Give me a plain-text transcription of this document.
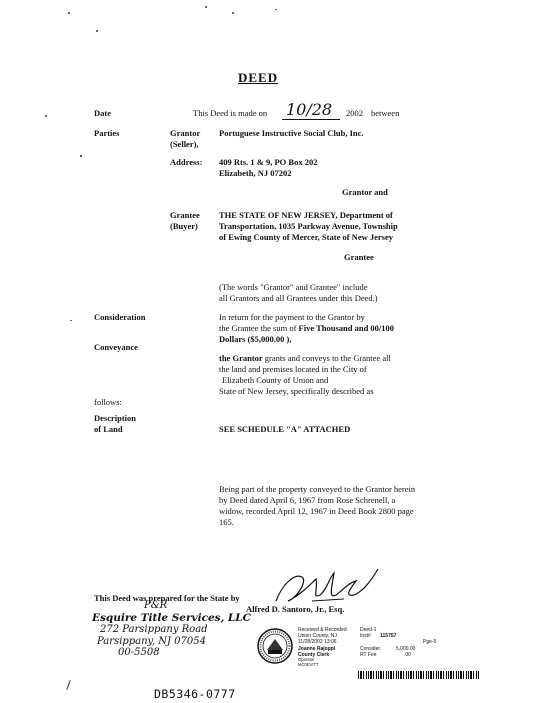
DEED
Date	This Deed is made on 10/28 2002 between
Parties	Grantor (Seller),
Portuguese Instructive Social Club, Inc.
Address: 409 Rts. 1 & 9, PO Box 202
Elizabeth, NJ 07202
Grantor and
Grantee (Buyer)
THE STATE OF NEW JERSEY, Department of
Transportation, 1035 Parkway Avenue, Township
of Ewing County of Mercer, State of New Jersey
Grantee
(The words "Grantor" and Grantee" include
all Grantors and all Grantees under this Deed.)
Consideration	In return for the payment to the Grantor by
the Grantee the sum of Five Thousand and 00/100
Dollars ($5,000.00 ),
Conveyance
the Grantor grants and conveys to the Grantee all
the land and premises located in the City of
Elizabeth County of Union and
State of New Jersey, specifically described as
follows:
Description
of Land	SEE SCHEDULE "A" ATTACHED
Being part of the property conveyed to the Grantor herein
by Deed dated April 6, 1967 from Rose Schrenell, a
widow, recorded April 12, 1967 in Deed Book 2800 page
165.
This Deed was prepared for the State by
Alfred D. Santoro, Jr., Esq.
P&R
Esquire Title Services, LLC
272 Parsippany Road
Parsippany, NJ 07054
00-5508
DB5346-0777
Received & Recorded	Deed-1
Union County, NJ	Inst#	115757
11/28/2002 13:06	Pge-5
Joanne Rajoppi	Consider.	5,000.00
County Clerk	RT Fee	.00
Operator
MC0EVITT
